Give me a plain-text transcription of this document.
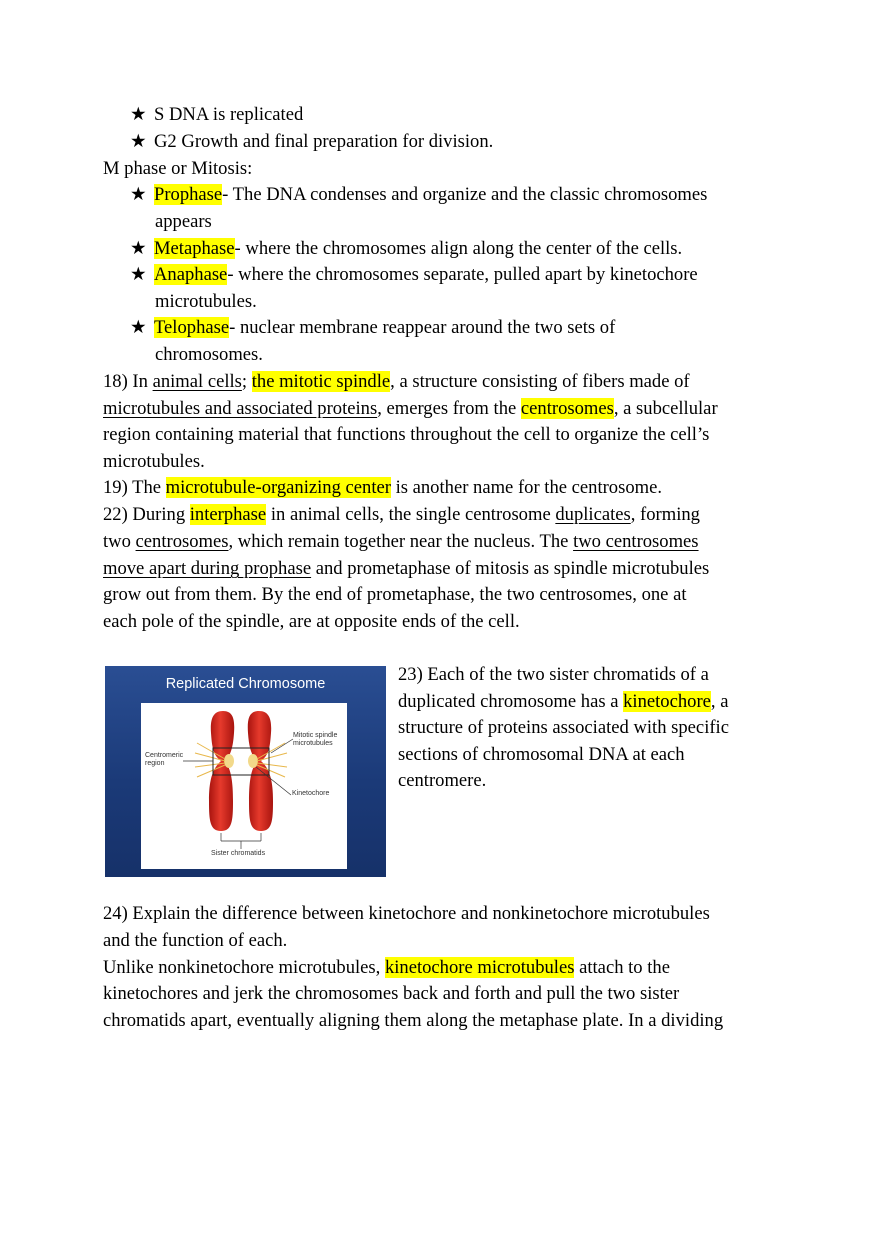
★ S DNA is replicated
★ G2 Growth and final preparation for division.
M phase or Mitosis:
★ Prophase- The DNA condenses and organize and the classic chromosomes
appears
★ Metaphase- where the chromosomes align along the center of the cells.
★ Anaphase- where the chromosomes separate, pulled apart by kinetochore
microtubules.
★ Telophase- nuclear membrane reappear around the two sets of
chromosomes.
18) In animal cells; the mitotic spindle, a structure consisting of fibers made of
microtubules and associated proteins, emerges from the centrosomes, a subcellular
region containing material that functions throughout the cell to organize the cell’s
microtubules.
19) The microtubule-organizing center is another name for the centrosome.
22) During interphase in animal cells, the single centrosome duplicates, forming
two centrosomes, which remain together near the nucleus. The two centrosomes
move apart during prophase and prometaphase of mitosis as spindle microtubules
grow out from them. By the end of prometaphase, the two centrosomes, one at
each pole of the spindle, are at opposite ends of the cell.
Replicated Chromosome
Mitotic spindle
microtubules
Centromeric
region
Kinetochore
Sister chromatids
23) Each of the two sister chromatids of a
duplicated chromosome has a kinetochore, a
structure of proteins associated with specific
sections of chromosomal DNA at each
centromere.
24) Explain the difference between kinetochore and nonkinetochore microtubules
and the function of each.
Unlike nonkinetochore microtubules, kinetochore microtubules attach to the
kinetochores and jerk the chromosomes back and forth and pull the two sister
chromatids apart, eventually aligning them along the metaphase plate. In a dividing
